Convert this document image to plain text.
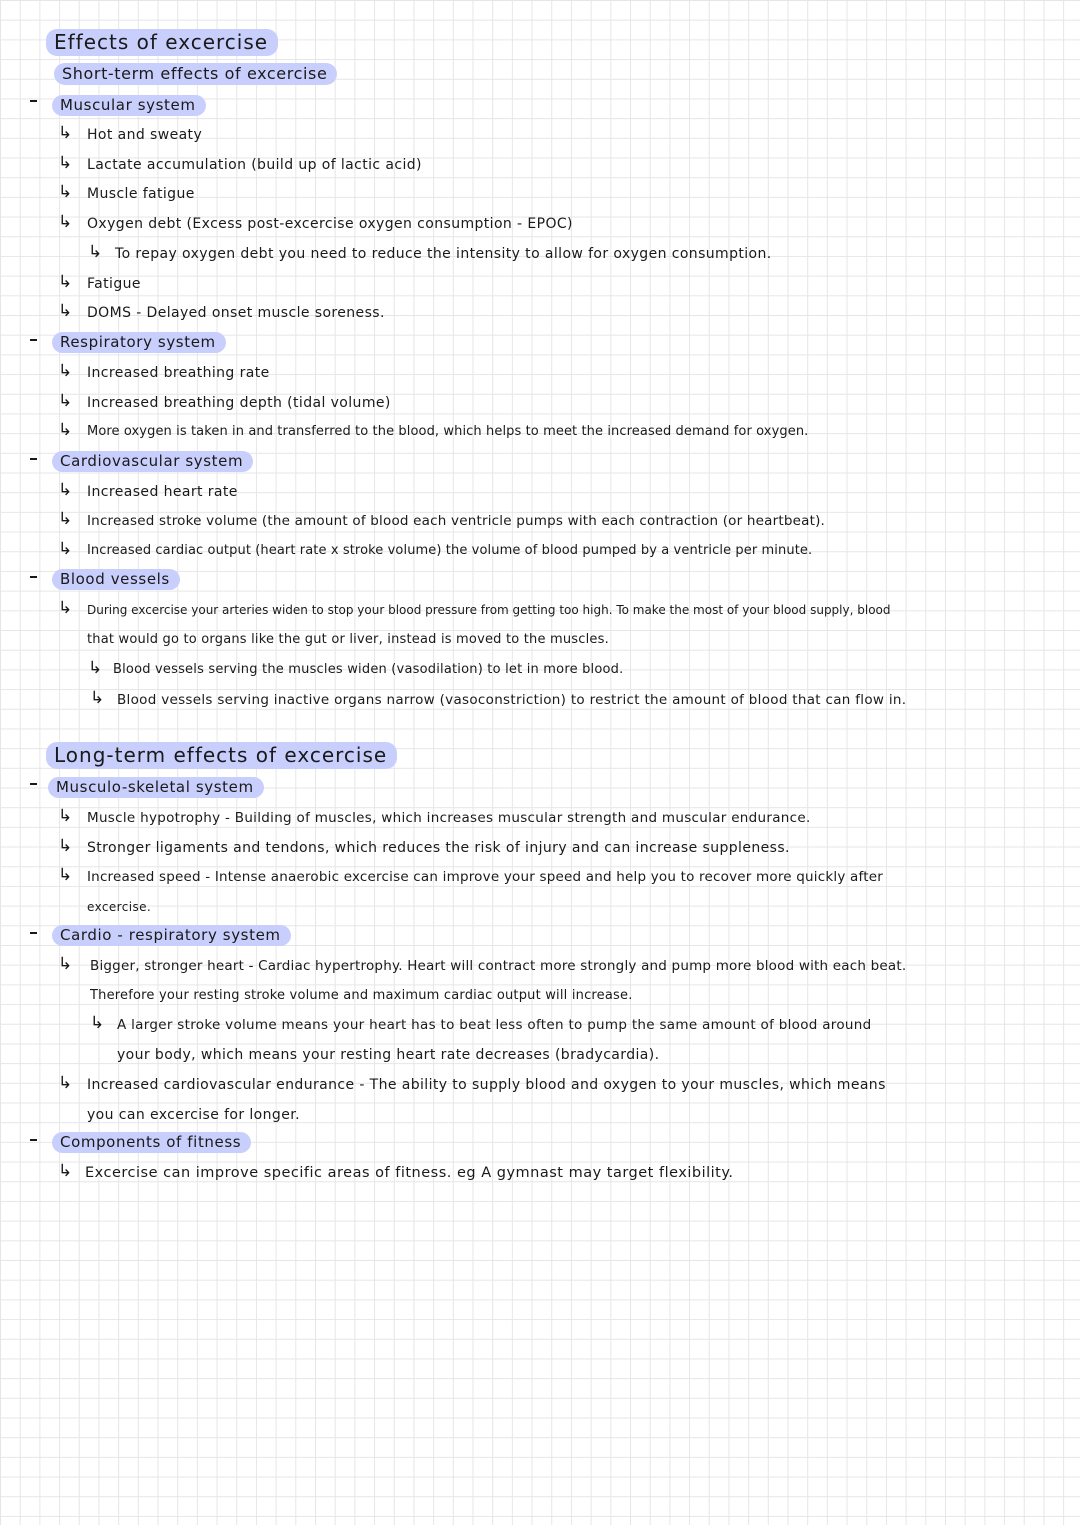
Effects of excercise
Short-term effects of excercise
Muscular system
↳ Hot and sweaty
↳ Lactate accumulation (build up of lactic acid)
↳ Muscle fatigue
↳ Oxygen debt (Excess post-excercise oxygen consumption - EPOC)
↳ To repay oxygen debt you need to reduce the intensity to allow for oxygen consumption.
↳ Fatigue
↳ DOMS - Delayed onset muscle soreness.
Respiratory system
↳ Increased breathing rate
↳ Increased breathing depth (tidal volume)
↳ More oxygen is taken in and transferred to the blood, which helps to meet the increased demand for oxygen.
Cardiovascular system
↳ Increased heart rate
↳ Increased stroke volume (the amount of blood each ventricle pumps with each contraction (or heartbeat).
↳ Increased cardiac output (heart rate x stroke volume) the volume of blood pumped by a ventricle per minute.
Blood vessels
↳ During excercise your arteries widen to stop your blood pressure from getting too high. To make the most of your blood supply, blood
that would go to organs like the gut or liver, instead is moved to the muscles.
↳ Blood vessels serving the muscles widen (vasodilation) to let in more blood.
↳ Blood vessels serving inactive organs narrow (vasoconstriction) to restrict the amount of blood that can flow in.
Long-term effects of excercise
Musculo-skeletal system
↳ Muscle hypotrophy - Building of muscles, which increases muscular strength and muscular endurance.
↳ Stronger ligaments and tendons, which reduces the risk of injury and can increase suppleness.
↳ Increased speed - Intense anaerobic excercise can improve your speed and help you to recover more quickly after
excercise.
Cardio - respiratory system
↳ Bigger, stronger heart - Cardiac hypertrophy. Heart will contract more strongly and pump more blood with each beat.
Therefore your resting stroke volume and maximum cardiac output will increase.
↳ A larger stroke volume means your heart has to beat less often to pump the same amount of blood around
your body, which means your resting heart rate decreases (bradycardia).
↳ Increased cardiovascular endurance - The ability to supply blood and oxygen to your muscles, which means
you can excercise for longer.
Components of fitness
↳ Excercise can improve specific areas of fitness. eg A gymnast may target flexibility.
